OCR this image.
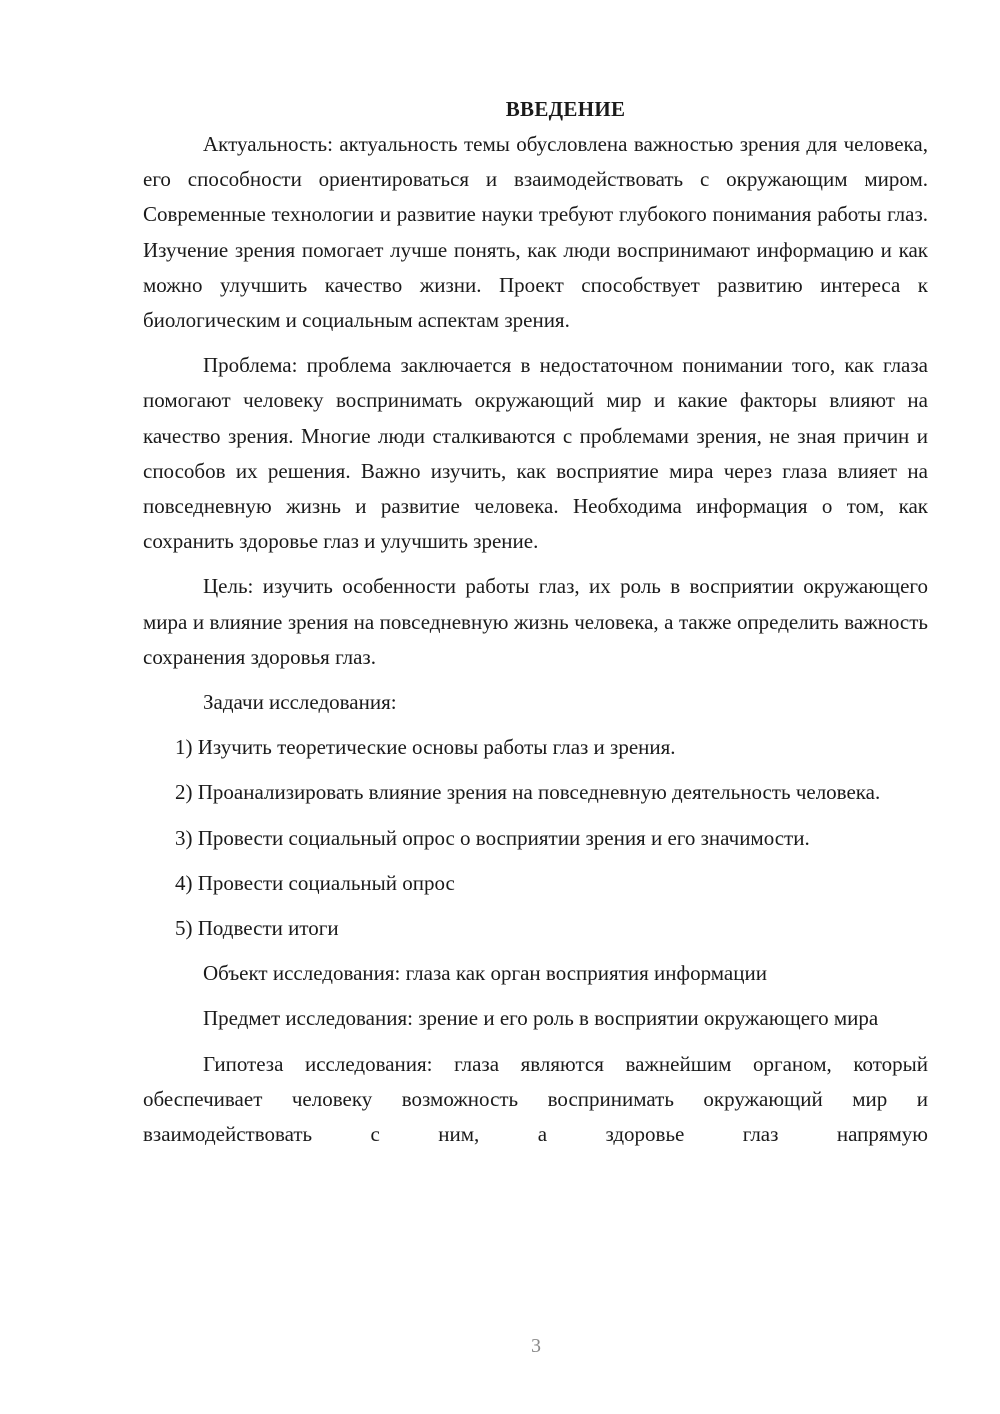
ВВЕДЕНИЕ

Актуальность: актуальность темы обусловлена важностью зрения для человека, его способности ориентироваться и взаимодействовать с окружающим миром. Современные технологии и развитие науки требуют глубокого понимания работы глаз. Изучение зрения помогает лучше понять, как люди воспринимают информацию и как можно улучшить качество жизни. Проект способствует развитию интереса к биологическим и социальным аспектам зрения.

Проблема: проблема заключается в недостаточном понимании того, как глаза помогают человеку воспринимать окружающий мир и какие факторы влияют на качество зрения. Многие люди сталкиваются с проблемами зрения, не зная причин и способов их решения. Важно изучить, как восприятие мира через глаза влияет на повседневную жизнь и развитие человека. Необходима информация о том, как сохранить здоровье глаз и улучшить зрение.

Цель: изучить особенности работы глаз, их роль в восприятии окружающего мира и влияние зрения на повседневную жизнь человека, а также определить важность сохранения здоровья глаз.

Задачи исследования:

1) Изучить теоретические основы работы глаз и зрения.

2) Проанализировать влияние зрения на повседневную деятельность человека.

3) Провести социальный опрос о восприятии зрения и его значимости.

4) Провести социальный опрос

5) Подвести итоги

Объект исследования: глаза как орган восприятия информации

Предмет исследования: зрение и его роль в восприятии окружающего мира

Гипотеза исследования: глаза являются важнейшим органом, который обеспечивает человеку возможность воспринимать окружающий мир и взаимодействовать с ним, а здоровье глаз напрямую

3
